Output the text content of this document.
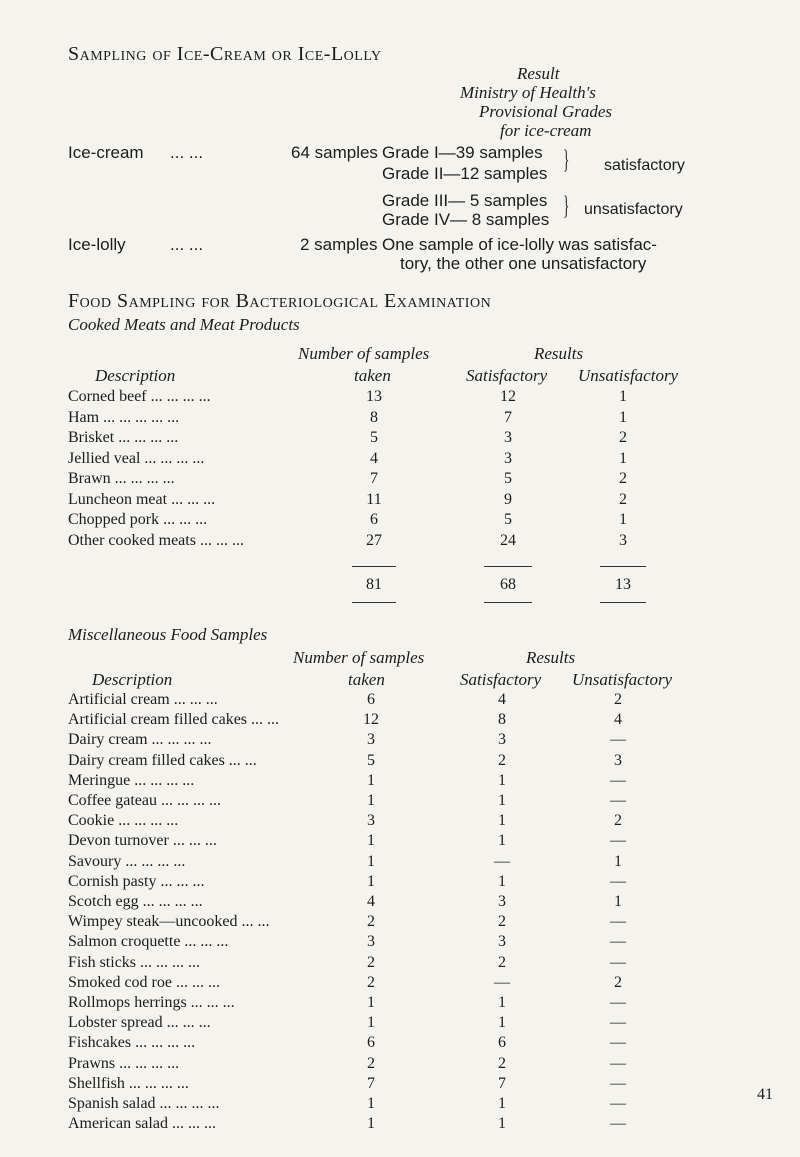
Sampling of Ice-Cream or Ice-Lolly
Result
Ministry of Health's
Provisional Grades
for ice-cream
Ice-cream ... ...	64 samples Grade I—39 samples
Grade II—12 samples } satisfactory
Grade III— 5 samples
Grade IV— 8 samples } unsatisfactory
Ice-lolly	... ...	2 samples One sample of ice-lolly was satisfac-
tory, the other one unsatisfactory
Food Sampling for Bacteriological Examination
Cooked Meats and Meat Products
Number of samples	Results
Description	taken	Satisfactory Unsatisfactory
Corned beef ... ... ... ...	13	12	1
Ham ... ... ... ... ...	8	7	1
Brisket ... ... ... ...	5	3	2
Jellied veal ... ... ... ...	4	3	1
Brawn ... ... ... ...	7	5	2
Luncheon meat ... ... ...	11	9	2
Chopped pork ... ... ...	6	5	1
Other cooked meats ... ... ...	27	24	3
81	68	13
Miscellaneous Food Samples
Number of samples	Results
Description	taken	Satisfactory Unsatisfactory
Artificial cream ... ... ...	6	4	2
Artificial cream filled cakes ... ...	12	8	4
Dairy cream ... ... ... ...	3	3	—
Dairy cream filled cakes ... ...	5	2	3
Meringue ... ... ... ...	1	1	—
Coffee gateau ... ... ... ...	1	1	—
Cookie ... ... ... ...	3	1	2
Devon turnover ... ... ...	1	1	—
Savoury ... ... ... ...	1	—	1
Cornish pasty ... ... ...	1	1	—
Scotch egg ... ... ... ...	4	3	1
Wimpey steak—uncooked ... ...	2	2	—
Salmon croquette ... ... ...	3	3	—
Fish sticks ... ... ... ...	2	2	—
Smoked cod roe ... ... ...	2	—	2
Rollmops herrings ... ... ...	1	1	—
Lobster spread ... ... ...	1	1	—
Fishcakes ... ... ... ...	6	6	—
Prawns ... ... ... ...	2	2	—
Shellfish ... ... ... ...	7	7	—
Spanish salad ... ... ... ...	1	1	—
American salad ... ... ...	1	1	—
41
